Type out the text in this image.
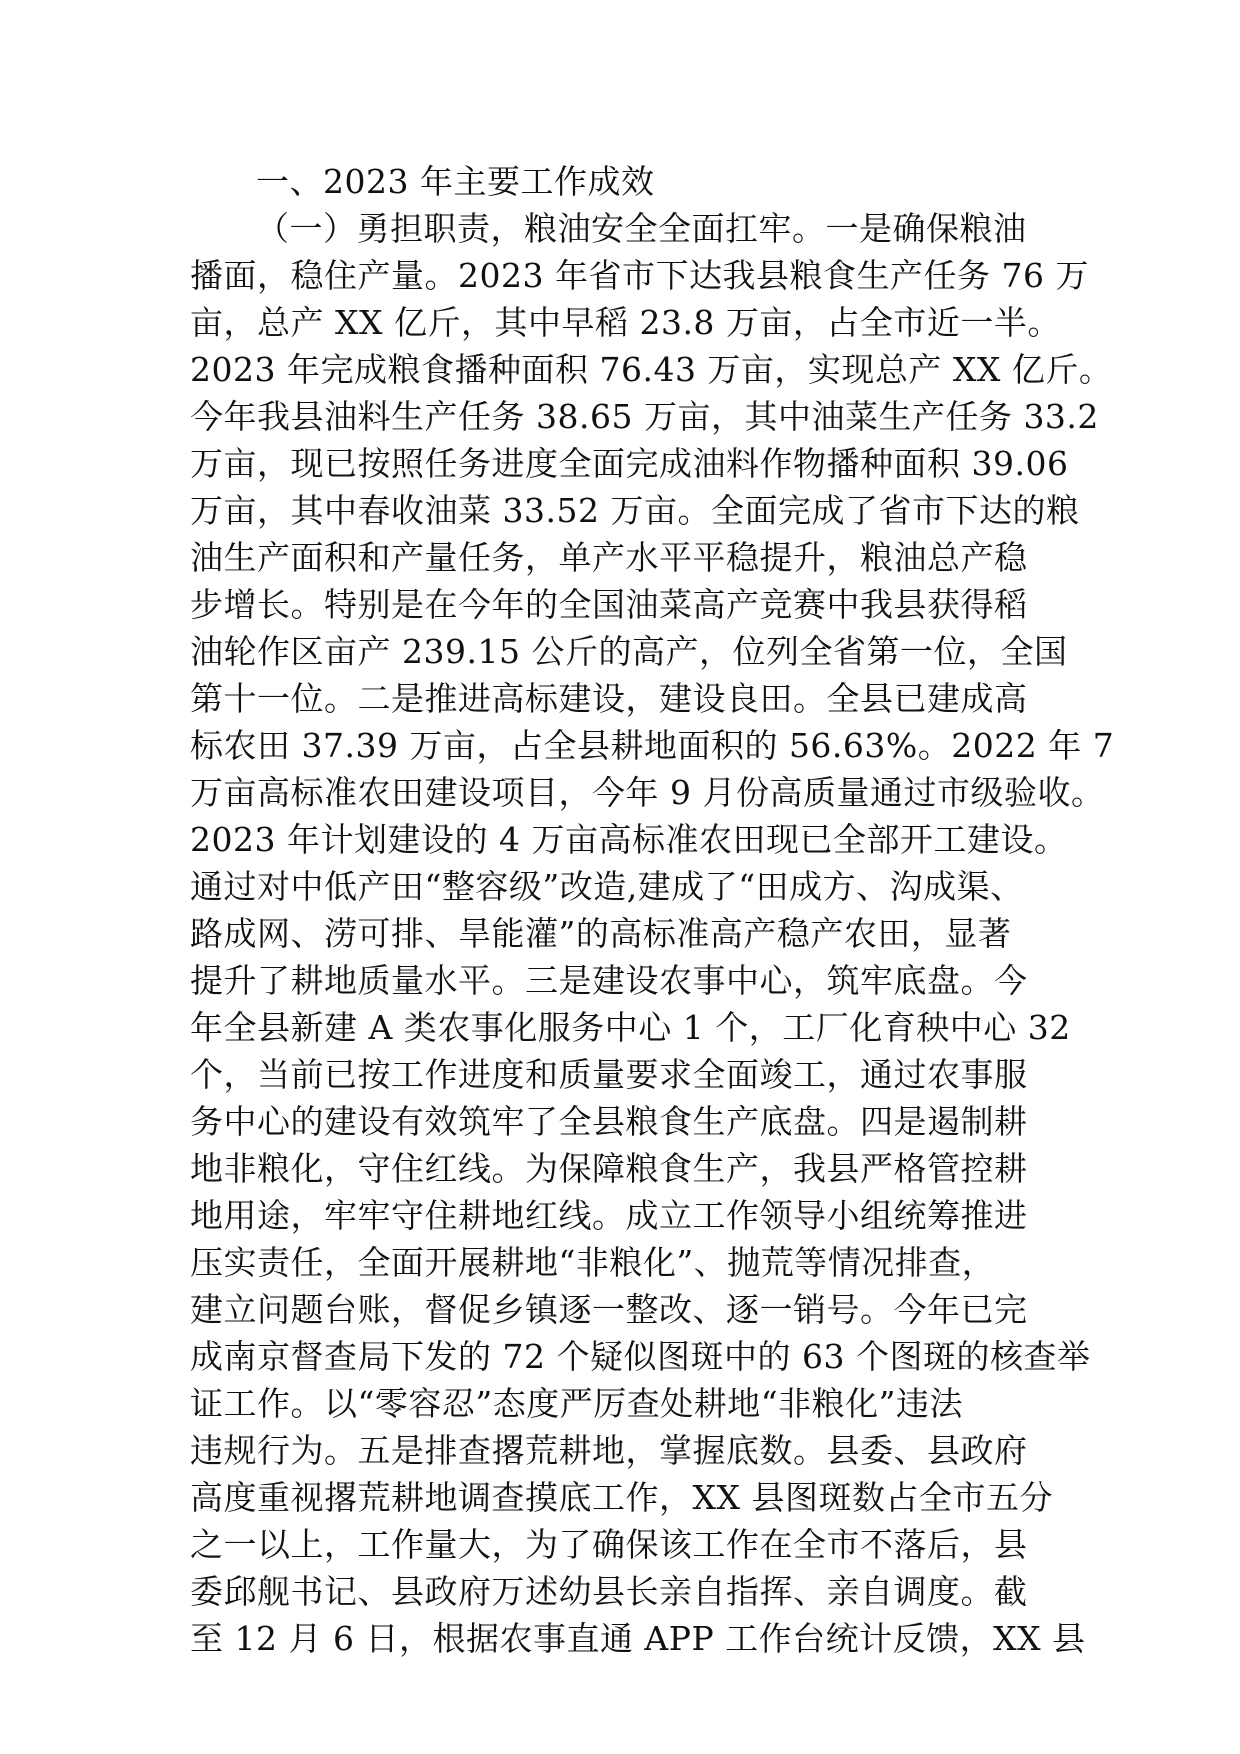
一、2023 年主要工作成效
（一）勇担职责，粮油安全全面扛牢。一是确保粮油
播面，稳住产量。2023 年省市下达我县粮食生产任务 76 万
亩，总产 XX 亿斤，其中早稻 23.8 万亩，占全市近一半。
2023 年完成粮食播种面积 76.43 万亩，实现总产 XX 亿斤。
今年我县油料生产任务 38.65 万亩，其中油菜生产任务 33.2
万亩，现已按照任务进度全面完成油料作物播种面积 39.06
万亩，其中春收油菜 33.52 万亩。全面完成了省市下达的粮
油生产面积和产量任务，单产水平平稳提升，粮油总产稳
步增长。特别是在今年的全国油菜高产竞赛中我县获得稻
油轮作区亩产 239.15 公斤的高产，位列全省第一位，全国
第十一位。二是推进高标建设，建设良田。全县已建成高
标农田 37.39 万亩，占全县耕地面积的 56.63%。2022 年 7
万亩高标准农田建设项目，今年 9 月份高质量通过市级验收。
2023 年计划建设的 4 万亩高标准农田现已全部开工建设。
通过对中低产田“整容级”改造,建成了“田成方、沟成渠、
路成网、涝可排、旱能灌”的高标准高产稳产农田，显著
提升了耕地质量水平。三是建设农事中心，筑牢底盘。今
年全县新建 A 类农事化服务中心 1 个，工厂化育秧中心 32
个，当前已按工作进度和质量要求全面竣工，通过农事服
务中心的建设有效筑牢了全县粮食生产底盘。四是遏制耕
地非粮化，守住红线。为保障粮食生产，我县严格管控耕
地用途，牢牢守住耕地红线。成立工作领导小组统筹推进
压实责任，全面开展耕地“非粮化”、抛荒等情况排查，
建立问题台账，督促乡镇逐一整改、逐一销号。今年已完
成南京督查局下发的 72 个疑似图斑中的 63 个图斑的核查举
证工作。以“零容忍”态度严厉查处耕地“非粮化”违法
违规行为。五是排查撂荒耕地，掌握底数。县委、县政府
高度重视撂荒耕地调查摸底工作，XX 县图斑数占全市五分
之一以上，工作量大，为了确保该工作在全市不落后，县
委邱舰书记、县政府万述幼县长亲自指挥、亲自调度。截
至 12 月 6 日，根据农事直通 APP 工作台统计反馈，XX 县
